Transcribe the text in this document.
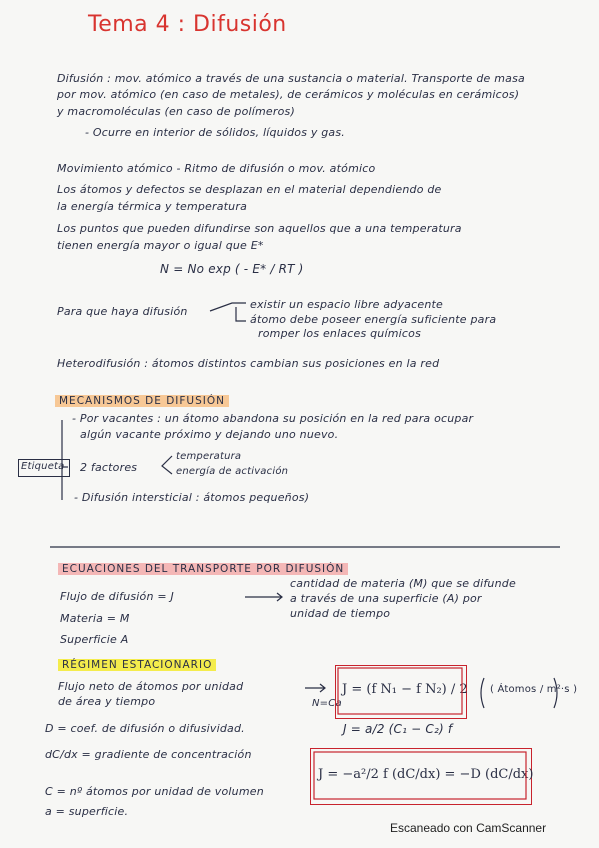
Tema 4 : Difusión
Difusión : mov. atómico a través de una sustancia o material. Transporte de masa
por mov. atómico (en caso de metales), de cerámicos y moléculas en cerámicos)
y macromoléculas (en caso de polímeros)
- Ocurre en interior de sólidos, líquidos y gas.
Movimiento atómico - Ritmo de difusión o mov. atómico
Los átomos y defectos se desplazan en el material dependiendo de
la energía térmica y temperatura
Los puntos que pueden difundirse son aquellos que a una temperatura
tienen energía mayor o igual que E*
N = No exp ( - E* / RT )
Para que haya difusión
existir un espacio libre adyacente
átomo debe poseer energía suficiente para
romper los enlaces químicos
Heterodifusión : átomos distintos cambian sus posiciones en la red
MECANISMOS DE DIFUSIÓN
- Por vacantes : un átomo abandona su posición en la red para ocupar
algún vacante próximo y dejando uno nuevo.
Etiqueta 2 factores
temperatura
energía de activación
- Difusión intersticial : átomos pequeños)
ECUACIONES DEL TRANSPORTE POR DIFUSIÓN
Flujo de difusión = J
Materia = M
Superficie A
cantidad de materia (M) que se difunde
a través de una superficie (A) por
unidad de tiempo
RÉGIMEN ESTACIONARIO
Flujo neto de átomos por unidad
de área y tiempo	N=Ca
J = (f N₁ − f N₂) / 2 ( Átomos / m²·s )
J = a/2 (C₁ − C₂) f
J = −a²/2 f (dC/dx) = −D (dC/dx)
D = coef. de difusión o difusividad.
dC/dx = gradiente de concentración
C = nº átomos por unidad de volumen
a = superficie.
Escaneado con CamScanner
